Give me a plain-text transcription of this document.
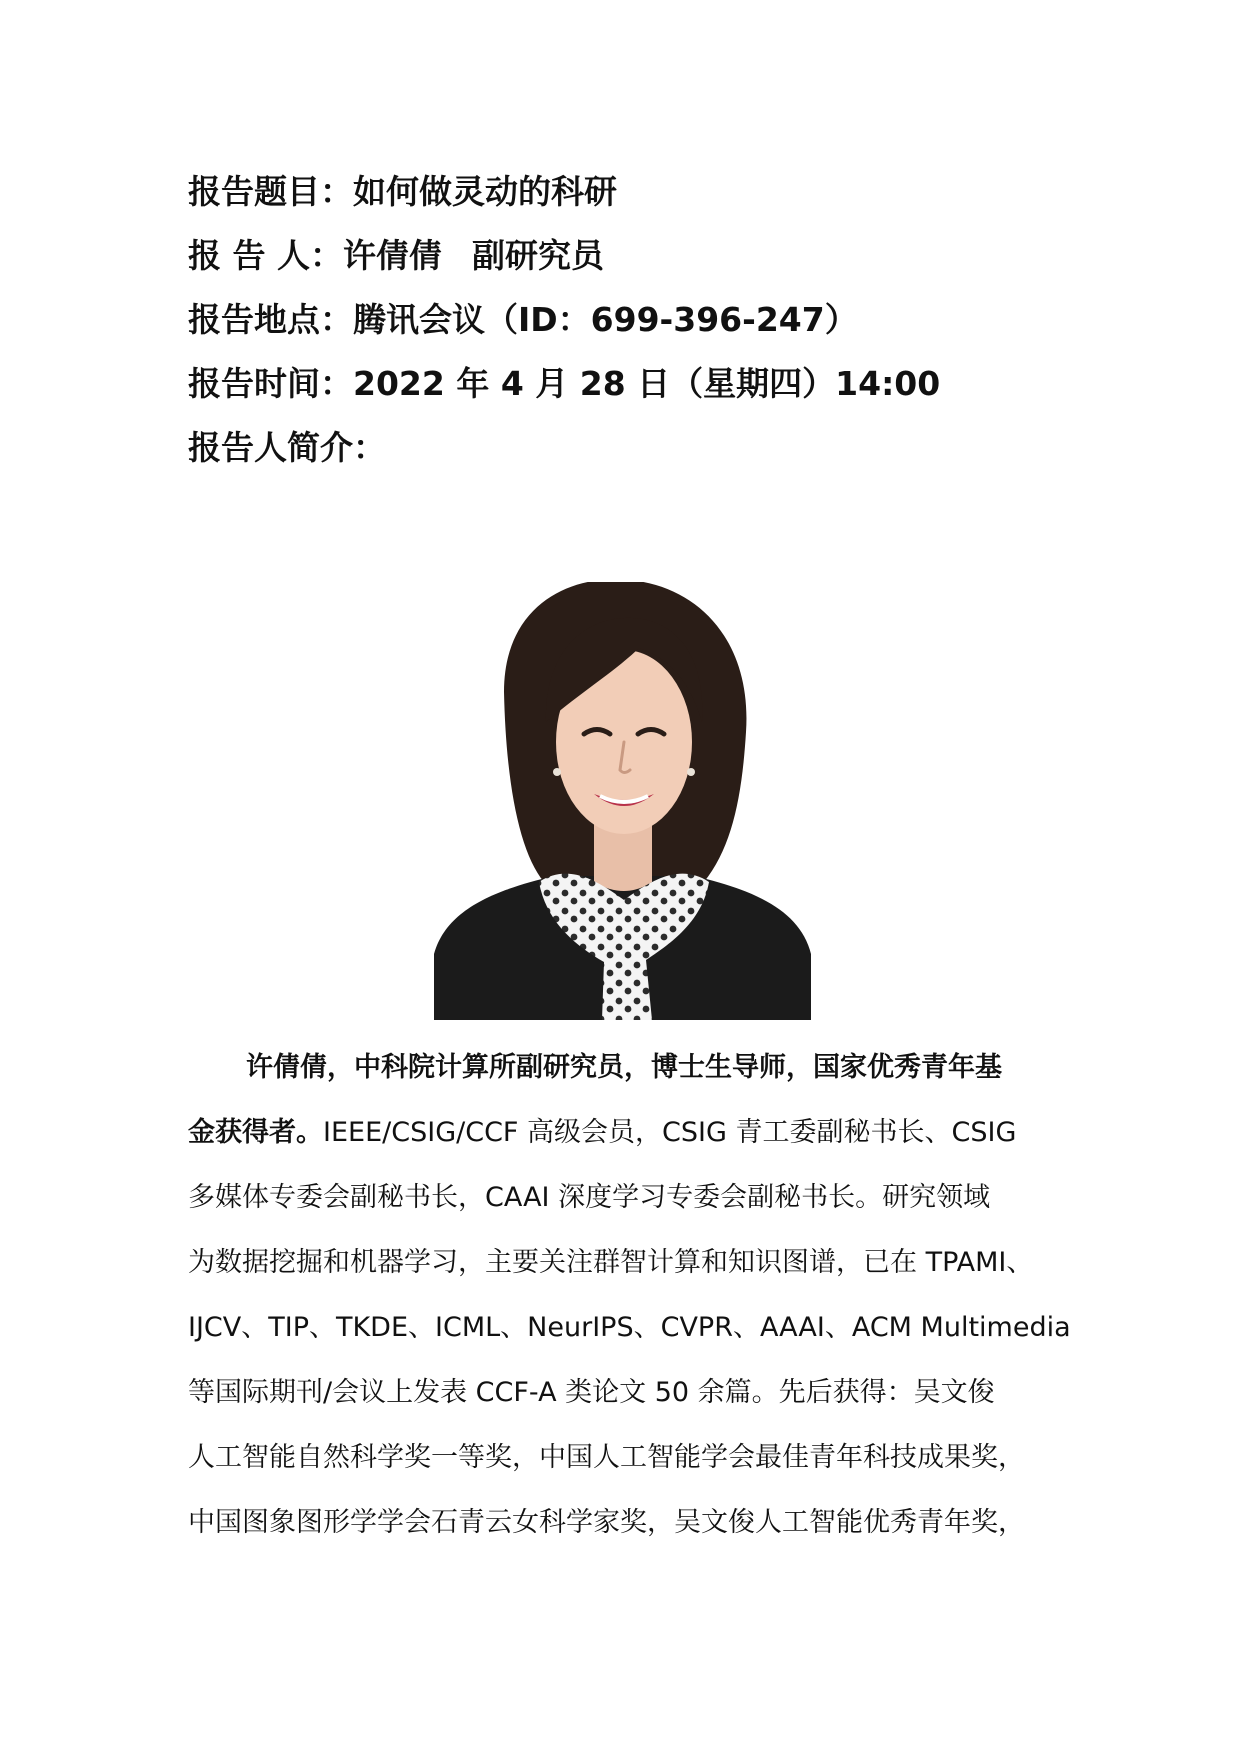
报告题目：如何做灵动的科研
报 告 人：许倩倩 副研究员
报告地点：腾讯会议（ID：699-396-247）
报告时间：2022 年 4 月 28 日（星期四）14:00
报告人简介：
许倩倩，中科院计算所副研究员，博士生导师，国家优秀青年基
金获得者。IEEE/CSIG/CCF 高级会员，CSIG 青工委副秘书长、CSIG
多媒体专委会副秘书长，CAAI 深度学习专委会副秘书长。研究领域
为数据挖掘和机器学习，主要关注群智计算和知识图谱，已在 TPAMI、
IJCV、TIP、TKDE、ICML、NeurIPS、CVPR、AAAI、ACM Multimedia
等国际期刊/会议上发表 CCF-A 类论文 50 余篇。先后获得：吴文俊
人工智能自然科学奖一等奖，中国人工智能学会最佳青年科技成果奖，
中国图象图形学学会石青云女科学家奖，吴文俊人工智能优秀青年奖，
